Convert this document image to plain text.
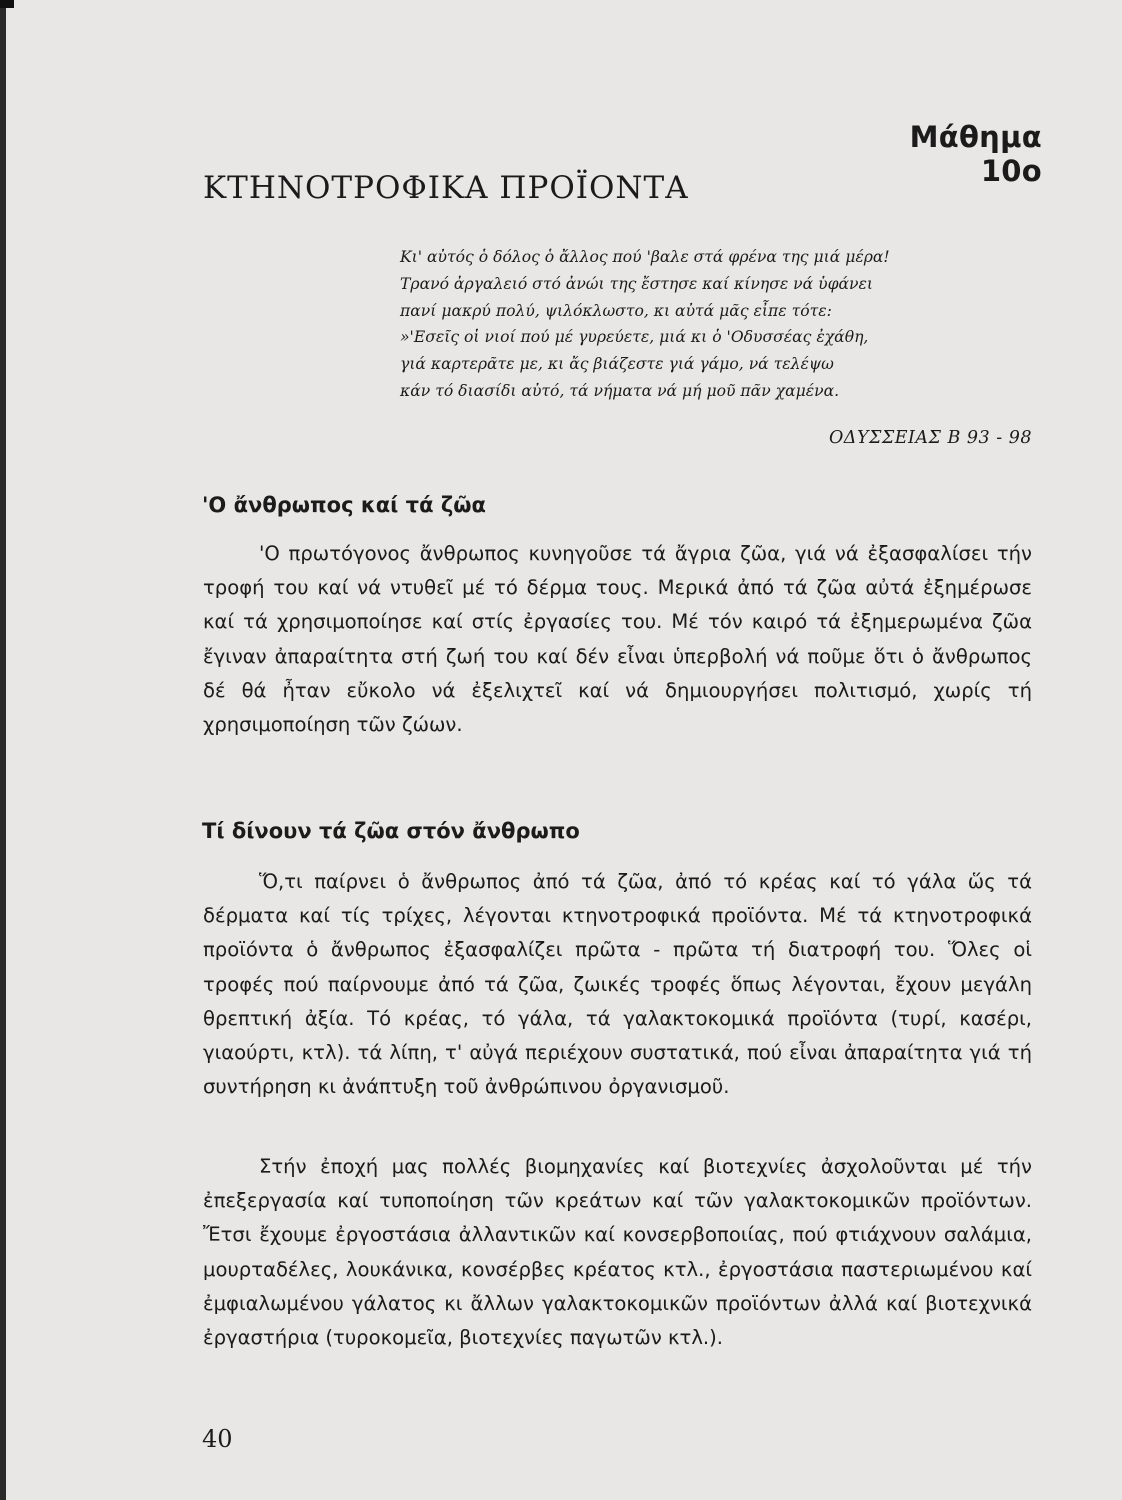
Μάθημα 10ο
ΚΤΗΝΟΤΡΟΦΙΚΑ ΠΡΟΪΟΝΤΑ
Κι' αὐτός ὁ δόλος ὁ ἄλλος πού 'βαλε στά φρένα της μιά μέρα!
Τρανό ἀργαλειό στό ἀνώι της ἔστησε καί κίνησε νά ὑφάνει
πανί μακρύ πολύ, ψιλόκλωστο, κι αὐτά μᾶς εἶπε τότε:
»'Εσεῖς οἱ νιοί πού μέ γυρεύετε, μιά κι ὁ 'Οδυσσέας ἐχάθη,
γιά καρτερᾶτε με, κι ἄς βιάζεστε γιά γάμο, νά τελέψω
κάν τό διασίδι αὐτό, τά νήματα νά μή μοῦ πᾶν χαμένα.
ΟΔΥΣΣΕΙΑΣ Β 93 - 98
'Ο ἄνθρωπος καί τά ζῶα

'Ο πρωτόγονος ἄνθρωπος κυνηγοῦσε τά ἄγρια ζῶα, γιά νά ἐξασφαλίσει τήν τροφή του καί νά ντυθεῖ μέ τό δέρμα τους. Μερικά ἀπό τά ζῶα αὐτά ἐξημέρωσε καί τά χρησιμοποίησε καί στίς ἐργασίες του. Μέ τόν καιρό τά ἐξημερωμένα ζῶα ἔγιναν ἀπαραίτητα στή ζωή του καί δέν εἶναι ὑπερβολή νά ποῦμε ὅτι ὁ ἄνθρωπος δέ θά ἦταν εὔκολο νά ἐξελιχτεῖ καί νά δημιουργήσει πολιτισμό, χωρίς τή χρησιμοποίηση τῶν ζώων.

Τί δίνουν τά ζῶα στόν ἄνθρωπο

Ὅ,τι παίρνει ὁ ἄνθρωπος ἀπό τά ζῶα, ἀπό τό κρέας καί τό γάλα ὥς τά δέρματα καί τίς τρίχες, λέγονται κτηνοτροφικά προϊόντα. Μέ τά κτηνοτροφικά προϊόντα ὁ ἄνθρωπος ἐξασφαλίζει πρῶτα - πρῶτα τή διατροφή του. Ὅλες οἱ τροφές πού παίρνουμε ἀπό τά ζῶα, ζωικές τροφές ὅπως λέγονται, ἔχουν μεγάλη θρεπτική ἀξία. Τό κρέας, τό γάλα, τά γαλακτοκομικά προϊόντα (τυρί, κασέρι, γιαούρτι, κτλ). τά λίπη, τ' αὐγά περιέχουν συστατικά, πού εἶναι ἀπαραίτητα γιά τή συντήρηση κι ἀνάπτυξη τοῦ ἀνθρώπινου ὀργανισμοῦ.

Στήν ἐποχή μας πολλές βιομηχανίες καί βιοτεχνίες ἀσχολοῦνται μέ τήν ἐπεξεργασία καί τυποποίηση τῶν κρεάτων καί τῶν γαλακτοκομικῶν προϊόντων. Ἔτσι ἔχουμε ἐργοστάσια ἀλλαντικῶν καί κονσερβοποιίας, πού φτιάχνουν σαλάμια, μουρταδέλες, λουκάνικα, κονσέρβες κρέατος κτλ., ἐργοστάσια παστεριωμένου καί ἐμφιαλωμένου γάλατος κι ἄλλων γαλακτοκομικῶν προϊόντων ἀλλά καί βιοτεχνικά ἐργαστήρια (τυροκομεῖα, βιοτεχνίες παγωτῶν κτλ.).

40
